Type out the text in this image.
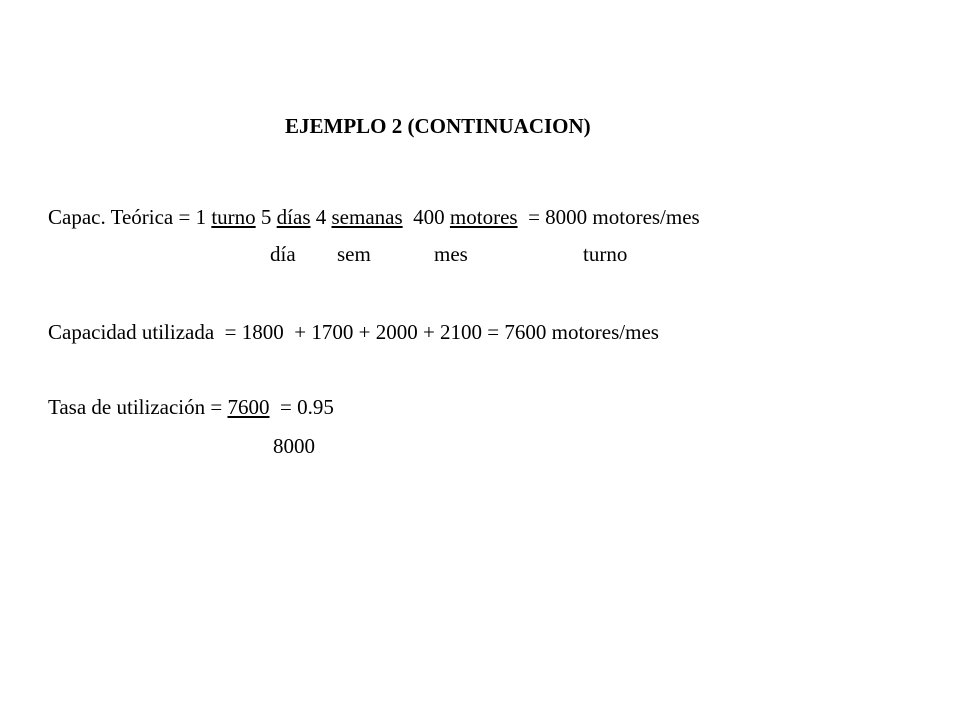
EJEMPLO 2 (CONTINUACION)
Capac. Teórica = 1 turno 5 días 4 semanas  400 motores  = 8000 motores/mes
día sem	mes	turno
Capacidad utilizada  = 1800  + 1700 + 2000 + 2100 = 7600 motores/mes
Tasa de utilización = 7600  = 0.95
8000
